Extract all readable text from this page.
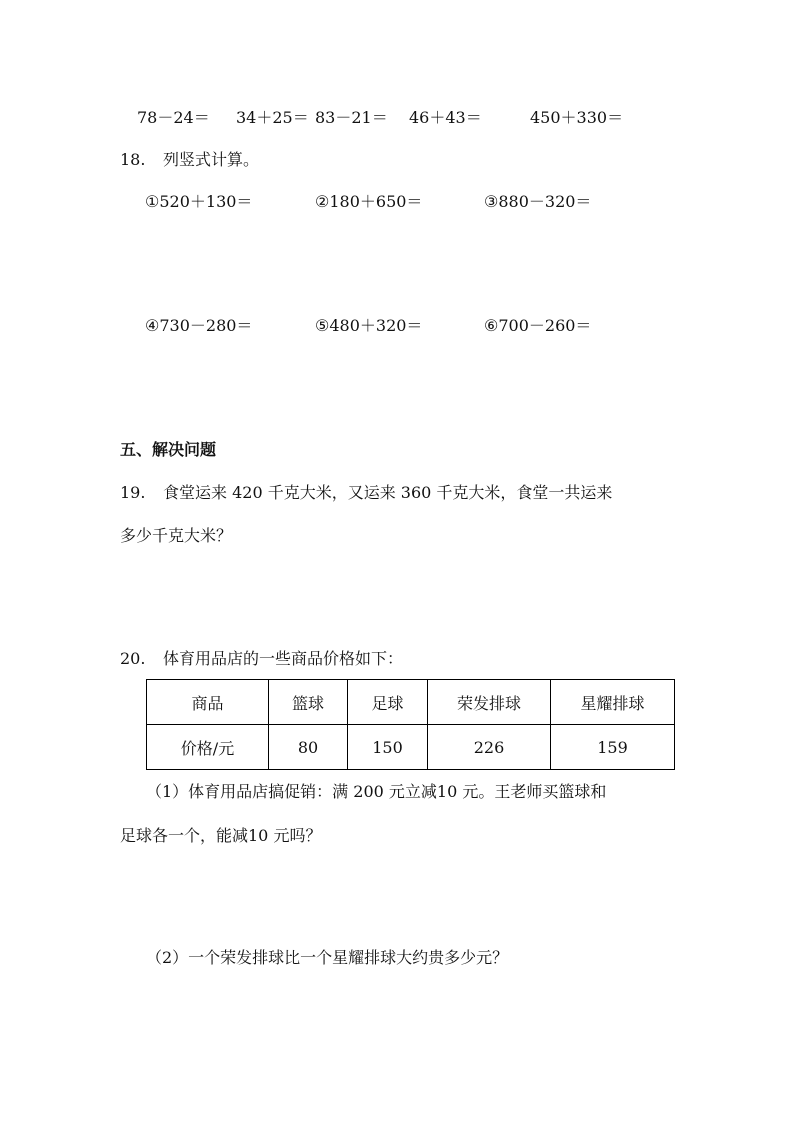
78－24＝ 34＋25＝ 83－21＝ 46＋43＝	450＋330＝
18. 列竖式计算。
①520＋130＝	②180＋650＝	③880－320＝
④730－280＝	⑤480＋320＝	⑥700－260＝
五、解决问题
19. 食堂运来 420 千克大米，又运来 360 千克大米，食堂一共运来
多少千克大米？
20. 体育用品店的一些商品价格如下：
商品	篮球	足球	荣发排球	星耀排球
价格/元	80	150	226	159
（1）体育用品店搞促销：满 200 元立减10 元。王老师买篮球和
足球各一个，能减10 元吗？
（2）一个荣发排球比一个星耀排球大约贵多少元？
